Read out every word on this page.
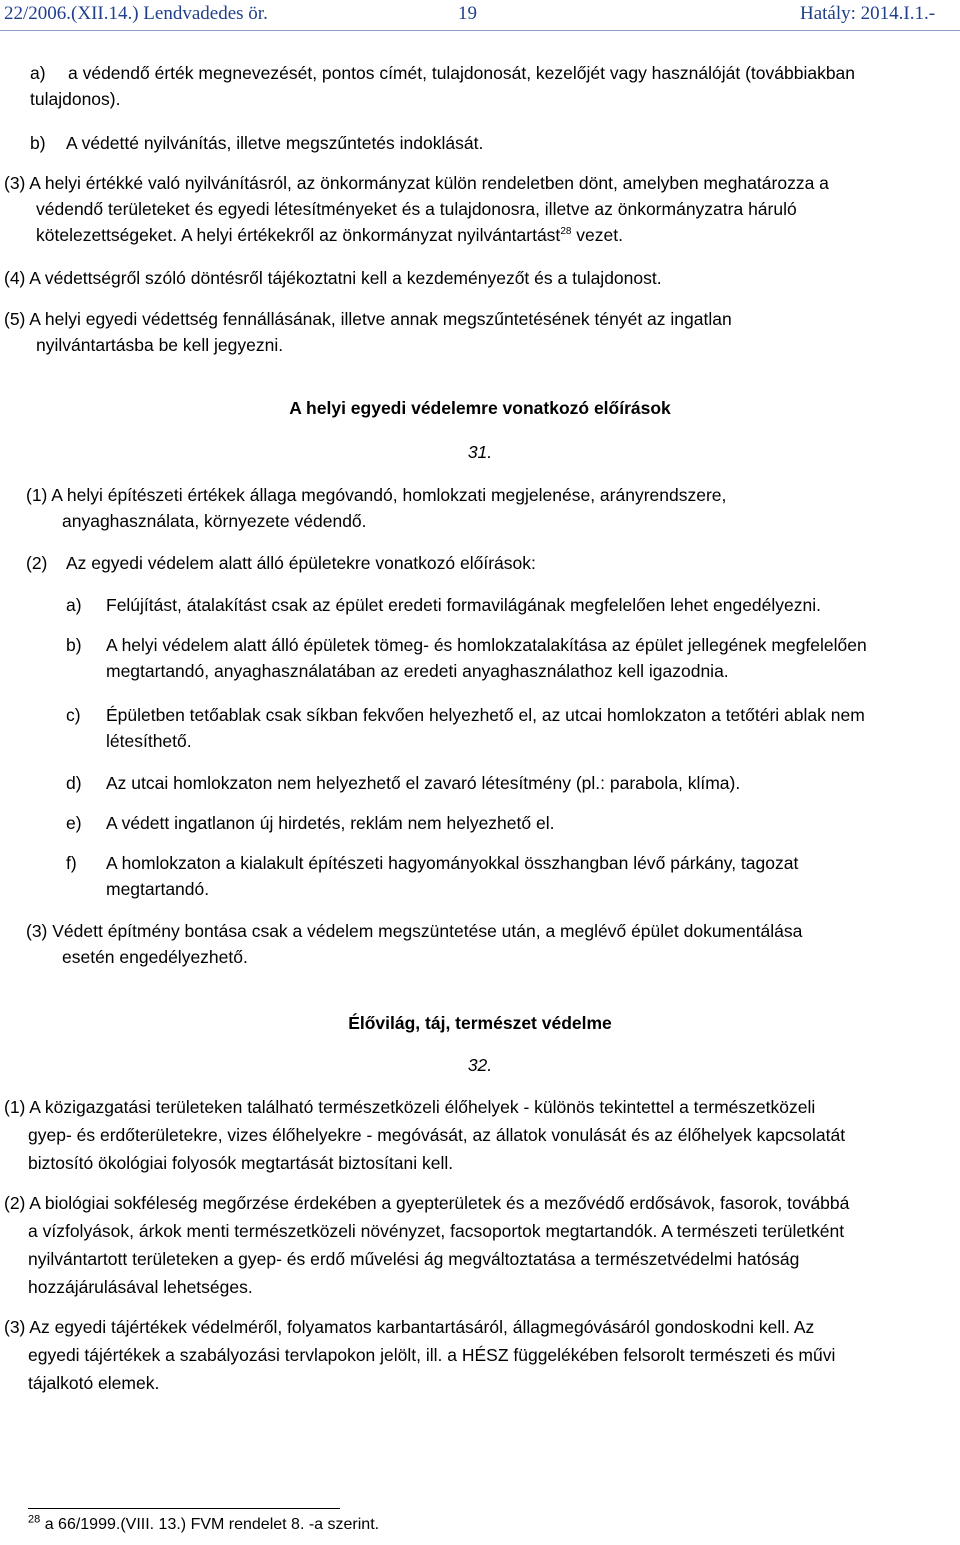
22/2006.(XII.14.) Lendvadedes ör.	19	Hatály: 2014.I.1.-
a) a védendő érték megnevezését, pontos címét, tulajdonosát, kezelőjét vagy használóját (továbbiakban
tulajdonos).
b) A védetté nyilvánítás, illetve megszűntetés indoklását.
(3) A helyi értékké való nyilvánításról, az önkormányzat külön rendeletben dönt, amelyben meghatározza a
védendő területeket és egyedi létesítményeket és a tulajdonosra, illetve az önkormányzatra háruló
kötelezettségeket. A helyi értékekről az önkormányzat nyilvántartást$^{28}$ vezet.
(4) A védettségről szóló döntésről tájékoztatni kell a kezdeményezőt és a tulajdonost.
(5) A helyi egyedi védettség fennállásának, illetve annak megszűntetésének tényét az ingatlan
nyilvántartásba be kell jegyezni.
A helyi egyedi védelemre vonatkozó előírások
31.
(1) A helyi építészeti értékek állaga megóvandó, homlokzati megjelenése, arányrendszere,
anyaghasználata, környezete védendő.
(2) Az egyedi védelem alatt álló épületekre vonatkozó előírások:
a) Felújítást, átalakítást csak az épület eredeti formavilágának megfelelően lehet engedélyezni.
b) A helyi védelem alatt álló épületek tömeg- és homlokzatalakítása az épület jellegének megfelelően
megtartandó, anyaghasználatában az eredeti anyaghasználathoz kell igazodnia.
c) Épületben tetőablak csak síkban fekvően helyezhető el, az utcai homlokzaton a tetőtéri ablak nem
létesíthető.
d) Az utcai homlokzaton nem helyezhető el zavaró létesítmény (pl.: parabola, klíma).
e) A védett ingatlanon új hirdetés, reklám nem helyezhető el.
f) A homlokzaton a kialakult építészeti hagyományokkal összhangban lévő párkány, tagozat
megtartandó.
(3) Védett építmény bontása csak a védelem megszüntetése után, a meglévő épület dokumentálása
esetén engedélyezhető.
Élővilág, táj, természet védelme
32.
(1) A közigazgatási területeken található természetközeli élőhelyek - különös tekintettel a természetközeli
gyep- és erdőterületekre, vizes élőhelyekre - megóvását, az állatok vonulását és az élőhelyek kapcsolatát
biztosító ökológiai folyosók megtartását biztosítani kell.
(2) A biológiai sokféleség megőrzése érdekében a gyepterületek és a mezővédő erdősávok, fasorok, továbbá
a vízfolyások, árkok menti természetközeli növényzet, facsoportok megtartandók. A természeti területként
nyilvántartott területeken a gyep- és erdő művelési ág megváltoztatása a természetvédelmi hatóság
hozzájárulásával lehetséges.
(3) Az egyedi tájértékek védelméről, folyamatos karbantartásáról, állagmegóvásáról gondoskodni kell. Az
egyedi tájértékek a szabályozási tervlapokon jelölt, ill. a HÉSZ függelékében felsorolt természeti és művi
tájalkotó elemek.
$^{28}$ a 66/1999.(VIII. 13.) FVM rendelet 8. -a szerint.
